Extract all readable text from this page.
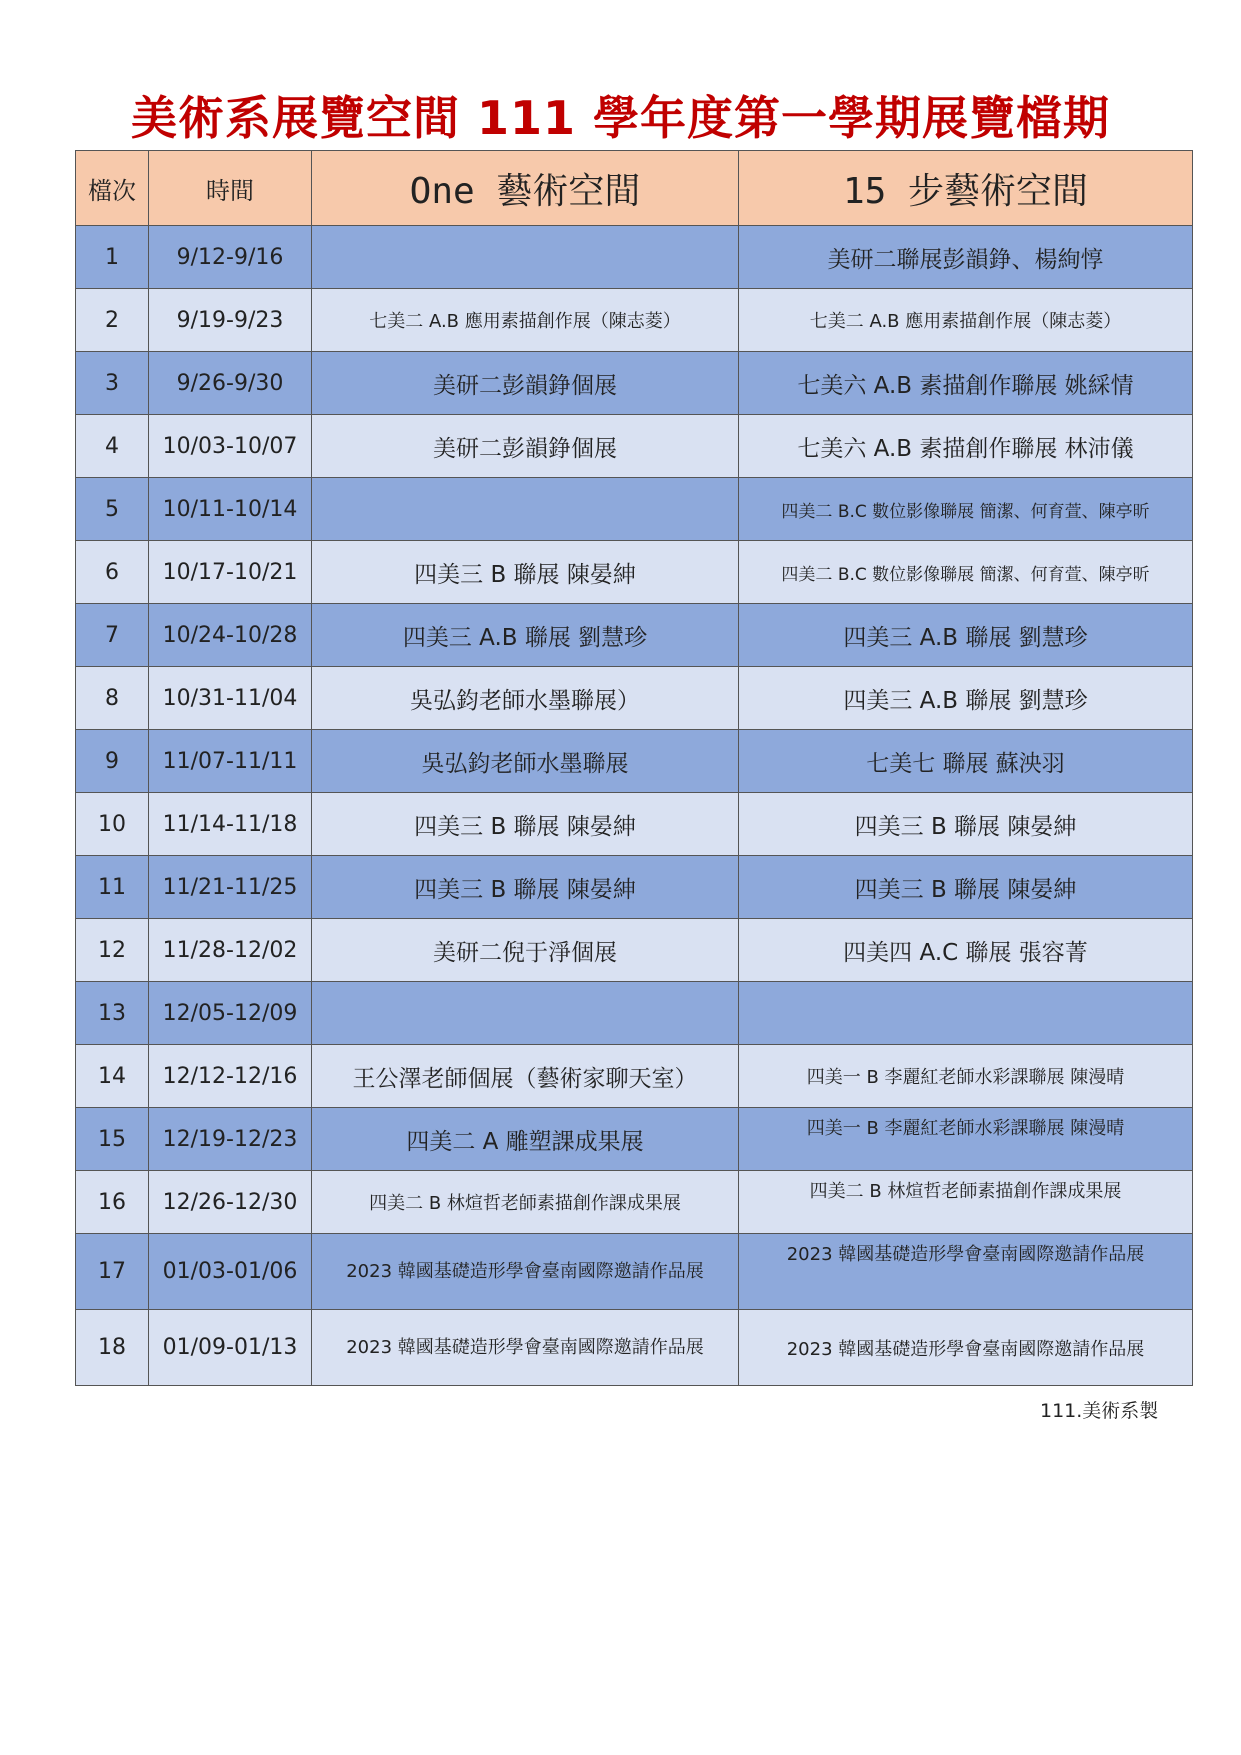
美術系展覽空間 111 學年度第一學期展覽檔期
檔次	時間	One 藝術空間	15 步藝術空間
1	9/12-9/16		美研二聯展彭韻錚、楊絢惇
2	9/19-9/23	七美二 A.B 應用素描創作展（陳志菱）	七美二 A.B 應用素描創作展（陳志菱）
3	9/26-9/30	美研二彭韻錚個展	七美六 A.B 素描創作聯展 姚綵情
4	10/03-10/07	美研二彭韻錚個展	七美六 A.B 素描創作聯展 林沛儀
5	10/11-10/14		四美二 B.C 數位影像聯展 簡潔、何育萱、陳亭昕
6	10/17-10/21	四美三 B 聯展 陳晏紳	四美二 B.C 數位影像聯展 簡潔、何育萱、陳亭昕
7	10/24-10/28	四美三 A.B 聯展 劉慧珍	四美三 A.B 聯展 劉慧珍
8	10/31-11/04	吳弘鈞老師水墨聯展）	四美三 A.B 聯展 劉慧珍
9	11/07-11/11	吳弘鈞老師水墨聯展	七美七 聯展 蘇泱羽
10	11/14-11/18	四美三 B 聯展 陳晏紳	四美三 B 聯展 陳晏紳
11	11/21-11/25	四美三 B 聯展 陳晏紳	四美三 B 聯展 陳晏紳
12	11/28-12/02	美研二倪于淨個展	四美四 A.C 聯展 張容菁
13	12/05-12/09		
14	12/12-12/16	王公澤老師個展（藝術家聊天室）	四美一 B 李麗紅老師水彩課聯展 陳漫晴
15	12/19-12/23	四美二 A 雕塑課成果展	四美一 B 李麗紅老師水彩課聯展 陳漫晴
16	12/26-12/30	四美二 B 林煊哲老師素描創作課成果展	四美二 B 林煊哲老師素描創作課成果展
17	01/03-01/06	2023 韓國基礎造形學會臺南國際邀請作品展	2023 韓國基礎造形學會臺南國際邀請作品展
18	01/09-01/13	2023 韓國基礎造形學會臺南國際邀請作品展	2023 韓國基礎造形學會臺南國際邀請作品展
111.美術系製
